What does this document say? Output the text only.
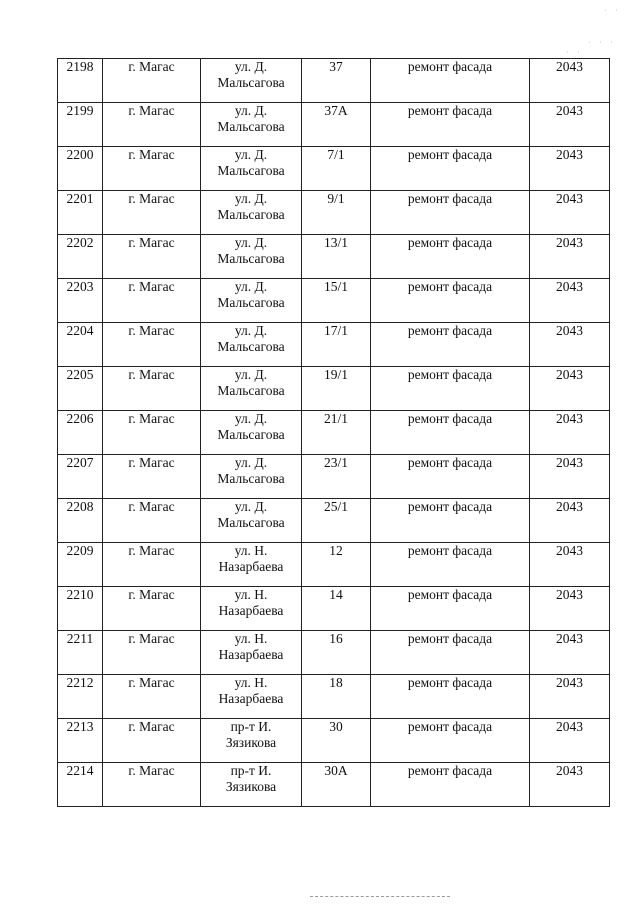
· ·
· · ·
· ·
2198	г. Магас	ул. Д.
Мальсагова	37	ремонт фасада	2043
2199	г. Магас	ул. Д.
Мальсагова	37А	ремонт фасада	2043
2200	г. Магас	ул. Д.
Мальсагова	7/1	ремонт фасада	2043
2201	г. Магас	ул. Д.
Мальсагова	9/1	ремонт фасада	2043
2202	г. Магас	ул. Д.
Мальсагова	13/1	ремонт фасада	2043
2203	г. Магас	ул. Д.
Мальсагова	15/1	ремонт фасада	2043
2204	г. Магас	ул. Д.
Мальсагова	17/1	ремонт фасада	2043
2205	г. Магас	ул. Д.
Мальсагова	19/1	ремонт фасада	2043
2206	г. Магас	ул. Д.
Мальсагова	21/1	ремонт фасада	2043
2207	г. Магас	ул. Д.
Мальсагова	23/1	ремонт фасада	2043
2208	г. Магас	ул. Д.
Мальсагова	25/1	ремонт фасада	2043
2209	г. Магас	ул. Н.
Назарбаева	12	ремонт фасада	2043
2210	г. Магас	ул. Н.
Назарбаева	14	ремонт фасада	2043
2211	г. Магас	ул. Н.
Назарбаева	16	ремонт фасада	2043
2212	г. Магас	ул. Н.
Назарбаева	18	ремонт фасада	2043
2213	г. Магас	пр-т И.
Зязикова	30	ремонт фасада	2043
2214	г. Магас	пр-т И.
Зязикова	30А	ремонт фасада	2043
